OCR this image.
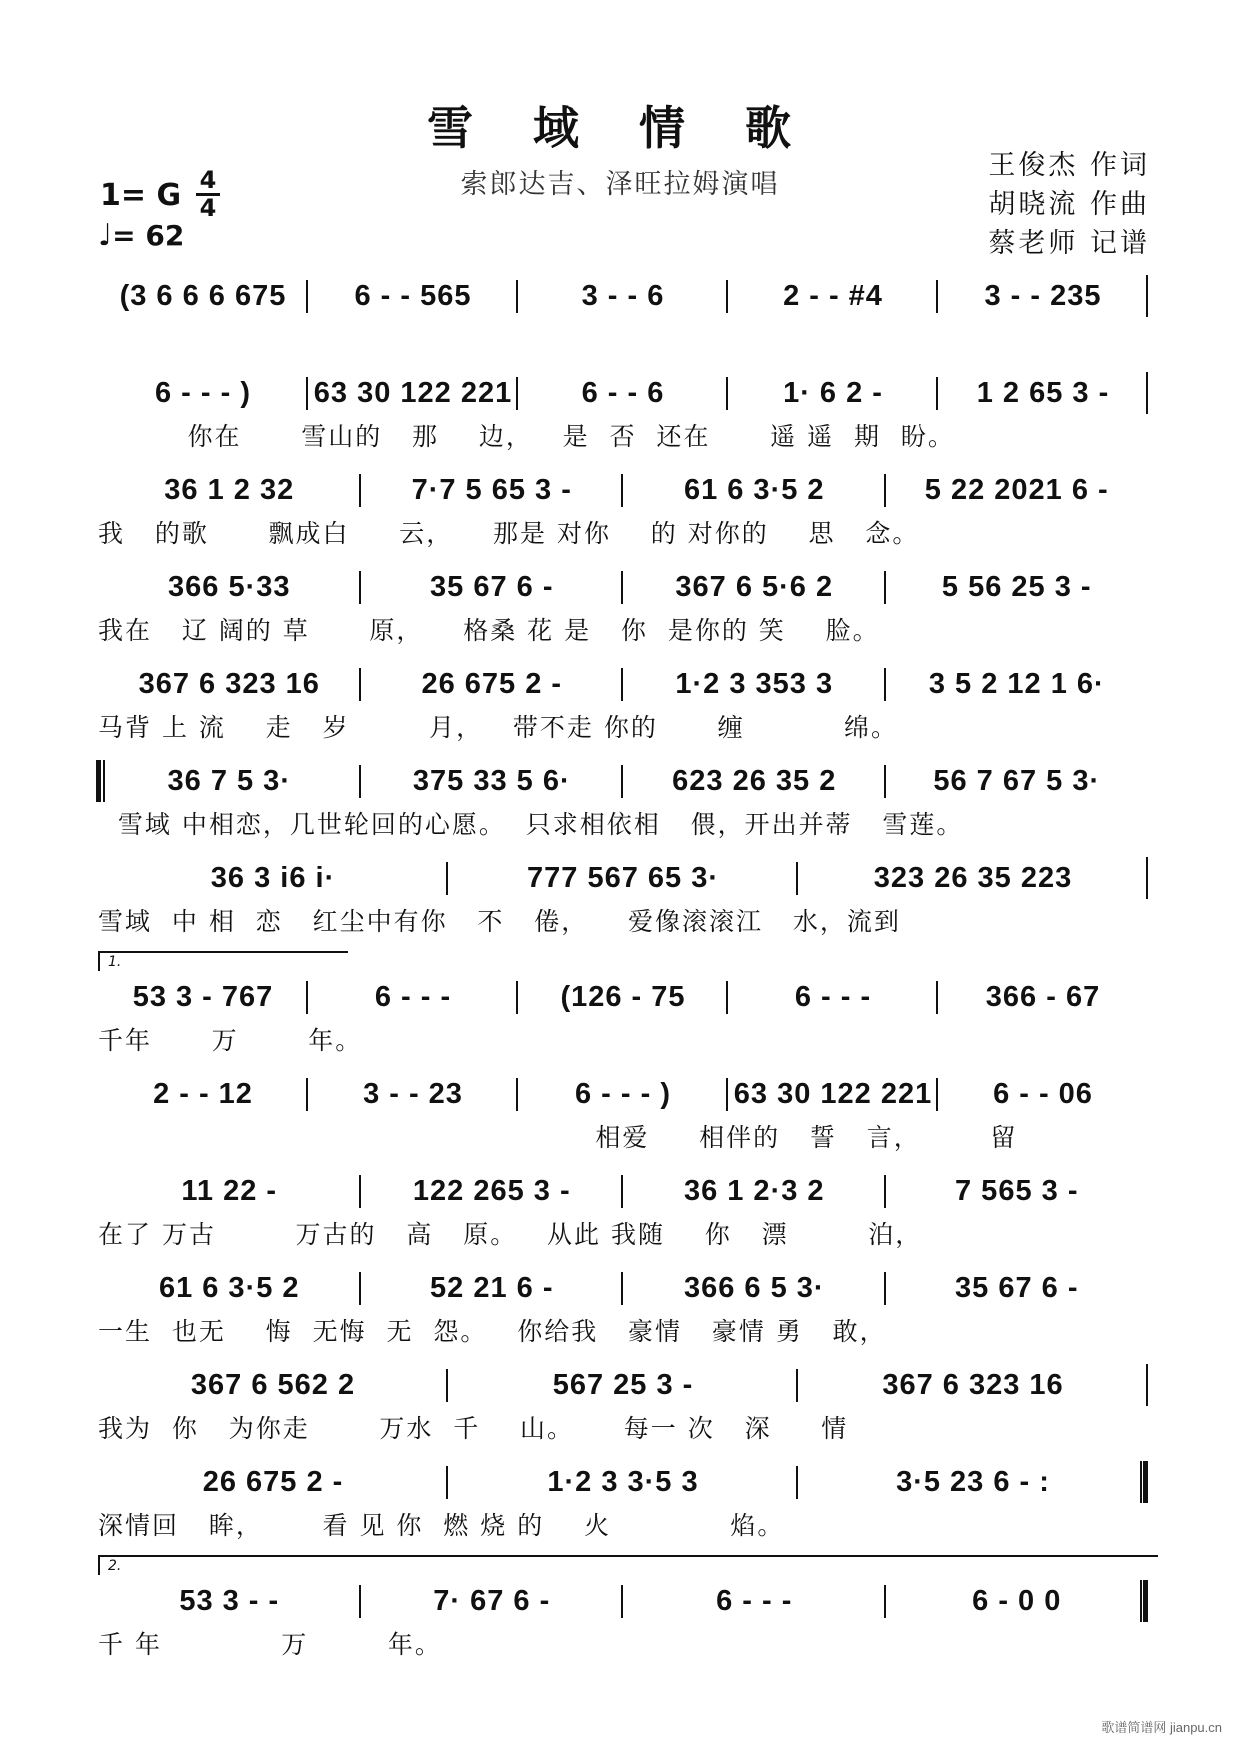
雪 域 情 歌
索郎达吉、泽旺拉姆演唱
王俊杰 作词
胡晓流 作曲
蔡老师 记谱
1= G 4
4
♩= 62
(3 6 6 6 675	6 - - 565	3 - - 6	2 - - #4	3 - - 235
6 - - - )	63 30 122 221	6 - - 6	1· 6 2 -	1 2 65 3 -
你在      雪山的   那    边，   是  否  还在      遥 遥  期  盼。
36 1 2 32	7·7 5 65 3 -	61 6 3·5 2	5 22 2021 6 -
我   的歌      飘成白     云，    那是 对你    的 对你的    思   念。
366 5·33	35 67 6 -	367 6 5·6 2	5 56 25 3 -
我在   辽 阔的 草      原，    格桑 花 是   你  是你的 笑    脸。
367 6 323 16	26 675 2 -	1·2 3 353 3	3 5 2 12 1 6·
马背 上 流    走   岁        月，   带不走 你的      缠          绵。
36 7 5 3·	375 33 5 6·	623 26 35 2	56 7 67 5 3·
雪域 中相恋，几世轮回的心愿。  只求相依相   偎，开出并蒂   雪莲。
36 3 i6 i·	777 567 65 3·	323 26 35 223
雪域  中 相  恋   红尘中有你   不   倦，    爱像滚滚江   水，流到
1.
53 3 - 767	6 - - -	(126 - 75	6 - - -	366 - 67
千年      万       年。
2 - - 12	3 - - 23	6 - - - )	63 30 122 221	6 - - 06
相爱     相伴的   誓   言，       留
11 22 -	122 265 3 -	36 1 2·3 2	7 565 3 -
在了 万古        万古的   高   原。   从此 我随    你   漂        泊，
61 6 3·5 2	52 21 6 -	366 6 5 3·	35 67 6 -
一生  也无    悔  无悔  无  怨。   你给我   豪情   豪情 勇   敢，
367 6 562 2	567 25 3 -	367 6 323 16
我为  你   为你走       万水  千    山。     每一 次   深     情
26 675 2 -	1·2 3 3·5 3	3·5 23 6 - :
深情回   眸，      看 见 你  燃 烧 的    火            焰。
2.
53 3 - -	7· 67 6 -	6 - - -	6 - 0 0
千 年            万        年。
歌谱简谱网 jianpu.cn
